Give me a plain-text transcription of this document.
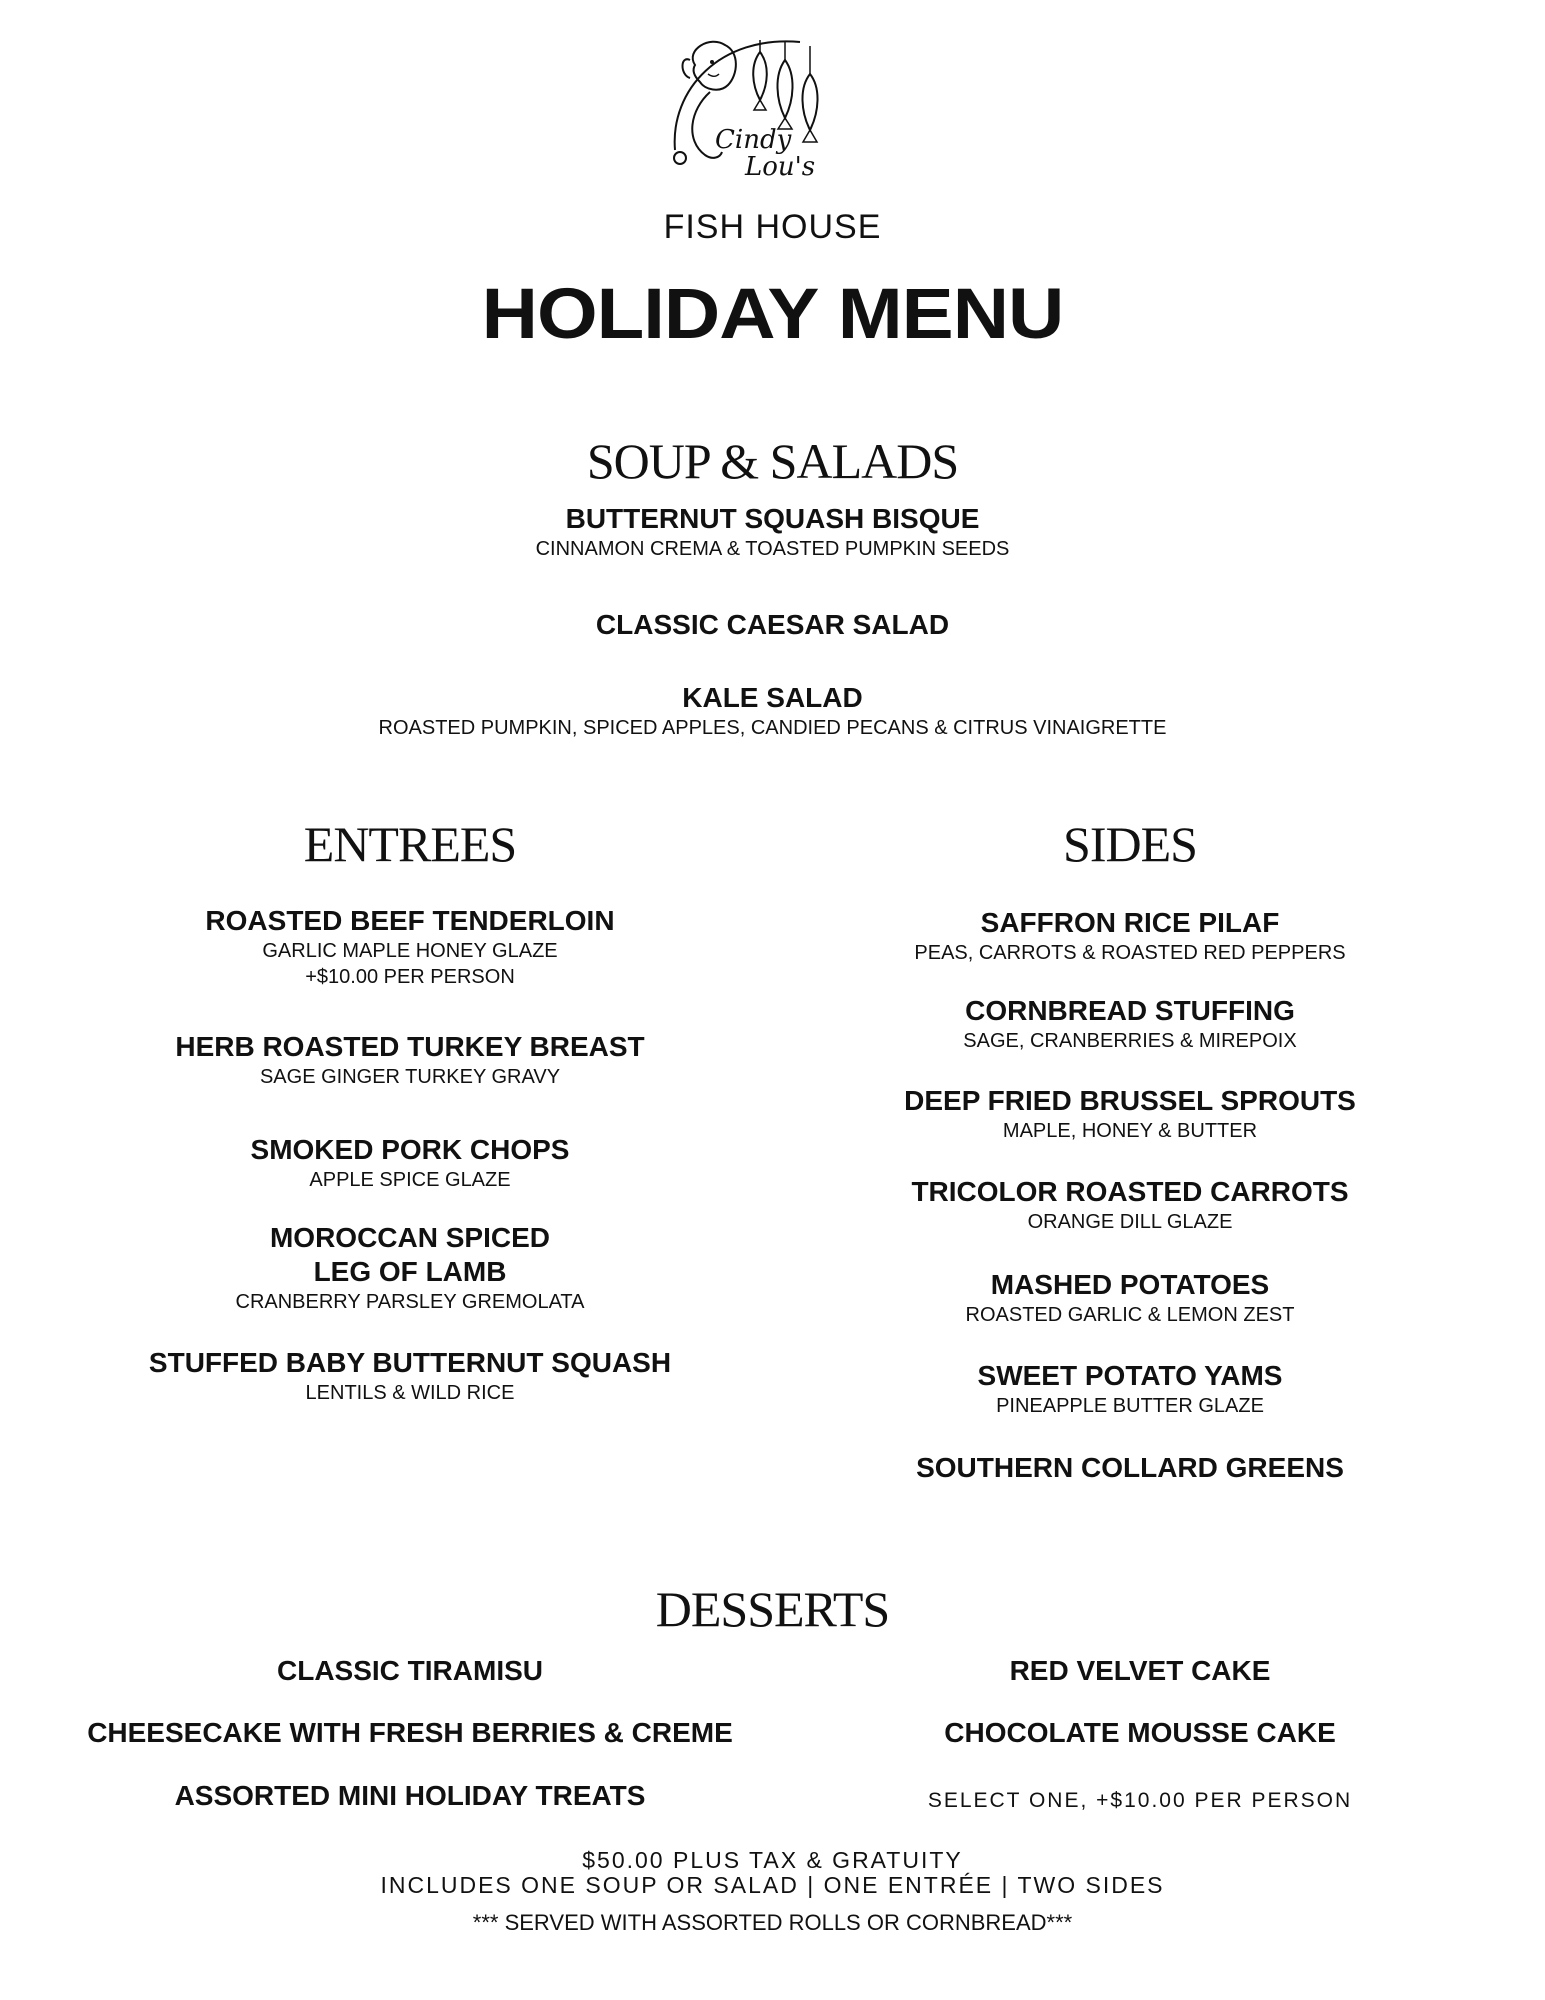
Cindy
Lou's
FISH HOUSE
HOLIDAY MENU
SOUP & SALADS
BUTTERNUT SQUASH BISQUE
CINNAMON CREMA & TOASTED PUMPKIN SEEDS
CLASSIC CAESAR SALAD
KALE SALAD
ROASTED PUMPKIN, SPICED APPLES, CANDIED PECANS & CITRUS VINAIGRETTE
ENTREES
ROASTED BEEF TENDERLOIN
GARLIC MAPLE HONEY GLAZE
+$10.00 PER PERSON
HERB ROASTED TURKEY BREAST
SAGE GINGER TURKEY GRAVY
SMOKED PORK CHOPS
APPLE SPICE GLAZE
MOROCCAN SPICED
LEG OF LAMB
CRANBERRY PARSLEY GREMOLATA
STUFFED BABY BUTTERNUT SQUASH
LENTILS & WILD RICE
SIDES
SAFFRON RICE PILAF
PEAS, CARROTS & ROASTED RED PEPPERS
CORNBREAD STUFFING
SAGE, CRANBERRIES & MIREPOIX
DEEP FRIED BRUSSEL SPROUTS
MAPLE, HONEY & BUTTER
TRICOLOR ROASTED CARROTS
ORANGE DILL GLAZE
MASHED POTATOES
ROASTED GARLIC & LEMON ZEST
SWEET POTATO YAMS
PINEAPPLE BUTTER GLAZE
SOUTHERN COLLARD GREENS
DESSERTS
CLASSIC TIRAMISU
CHEESECAKE WITH FRESH BERRIES & CREME
ASSORTED MINI HOLIDAY TREATS
RED VELVET CAKE
CHOCOLATE MOUSSE CAKE
SELECT ONE, +$10.00 PER PERSON
$50.00 PLUS TAX & GRATUITY
INCLUDES ONE SOUP OR SALAD | ONE ENTRÉE | TWO SIDES
*** SERVED WITH ASSORTED ROLLS OR CORNBREAD***
